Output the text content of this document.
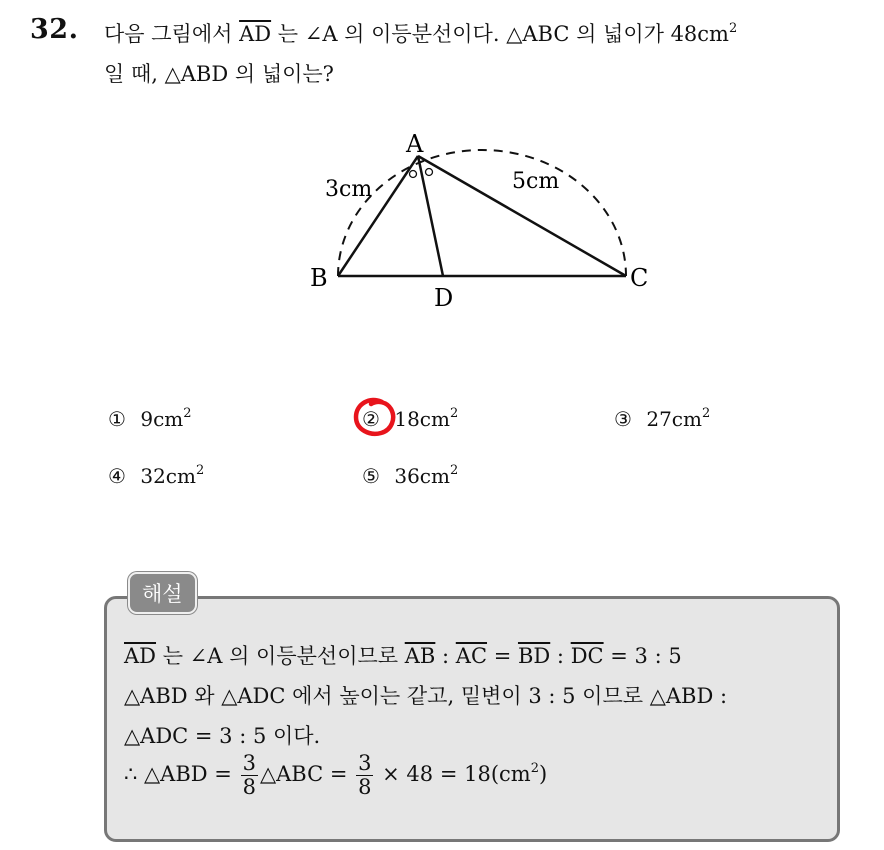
32. 다음 그림에서 $\overline{AD}$ 는 ∠A 의 이등분선이다. △ABC 의 넓이가 $48cm^2$
일 때, △ABD 의 넓이는?
A
B	C
D
3cm	5cm
① $9cm^2$	② $18cm^2$	③ $27cm^2$
④ $32cm^2$	⑤ $36cm^2$
해설
$\overline{AD}$ 는 ∠A 의 이등분선이므로 $\overline{AB}$ : $\overline{AC} = \overline{BD}$ : $\overline{DC} = 3$ : 5
△ABD 와 △ADC 에서 높이는 같고, 밑변이 3 : 5 이므로 △ABD :
△ADC = 3 : 5 이다.
∴ △ABD = $\frac{3}{8}$ △ABC = $\frac{3}{8} \times 48 = 18(cm^2)$
